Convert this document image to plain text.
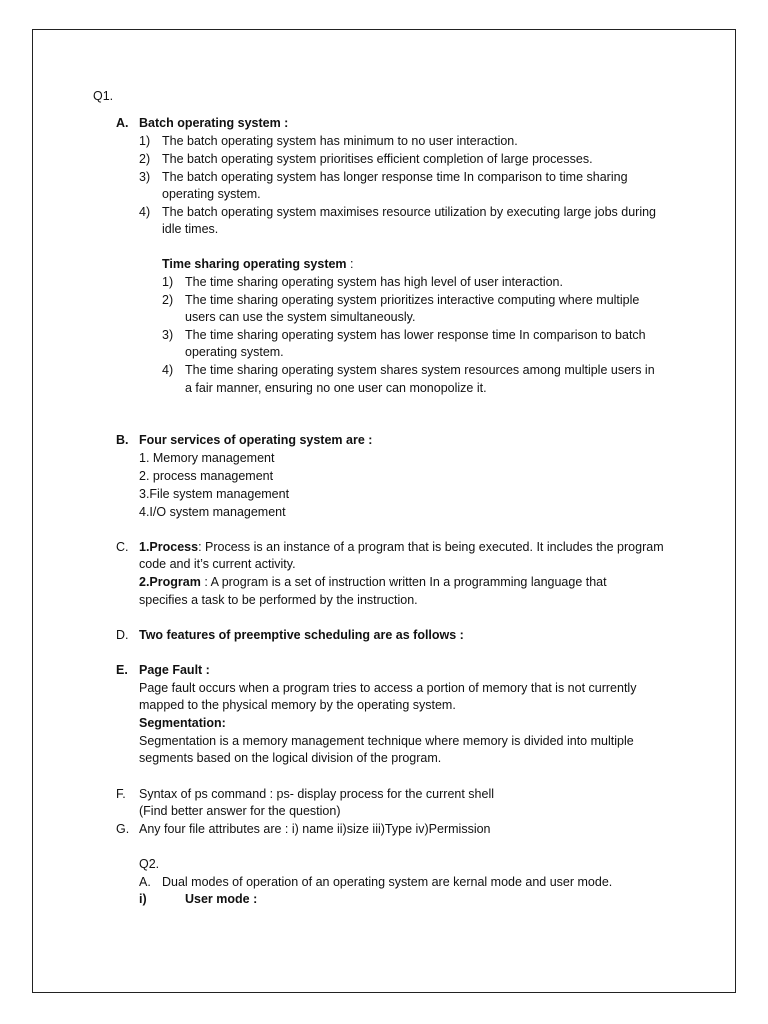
Q1.
A. Batch operating system :
1) The batch operating system has minimum to no user interaction.
2) The batch operating system prioritises efficient completion of large processes.
3) The batch operating system has longer response time In comparison to time sharing
operating system.
4) The batch operating system maximises resource utilization by executing large jobs during
idle times.
Time sharing operating system :
1) The time sharing operating system has high level of user interaction.
2) The time sharing operating system prioritizes interactive computing where multiple
users can use the system simultaneously.
3) The time sharing operating system has lower response time In comparison to batch
operating system.
4) The time sharing operating system shares system resources among multiple users in
a fair manner, ensuring no one user can monopolize it.
B. Four services of operating system are :
1. Memory management
2. process management
3.File system management
4.I/O system management
C. 1.Process: Process is an instance of a program that is being executed. It includes the program
code and it’s current activity.
2.Program : A program is a set of instruction written In a programming language that
specifies a task to be performed by the instruction.
D. Two features of preemptive scheduling are as follows :
E. Page Fault :
Page fault occurs when a program tries to access a portion of memory that is not currently
mapped to the physical memory by the operating system.
Segmentation:
Segmentation is a memory management technique where memory is divided into multiple
segments based on the logical division of the program.
F. Syntax of ps command : ps- display process for the current shell
(Find better answer for the question)
G. Any four file attributes are : i) name ii)size iii)Type iv)Permission
Q2.
A. Dual modes of operation of an operating system are kernal mode and user mode.
i)	User mode :
